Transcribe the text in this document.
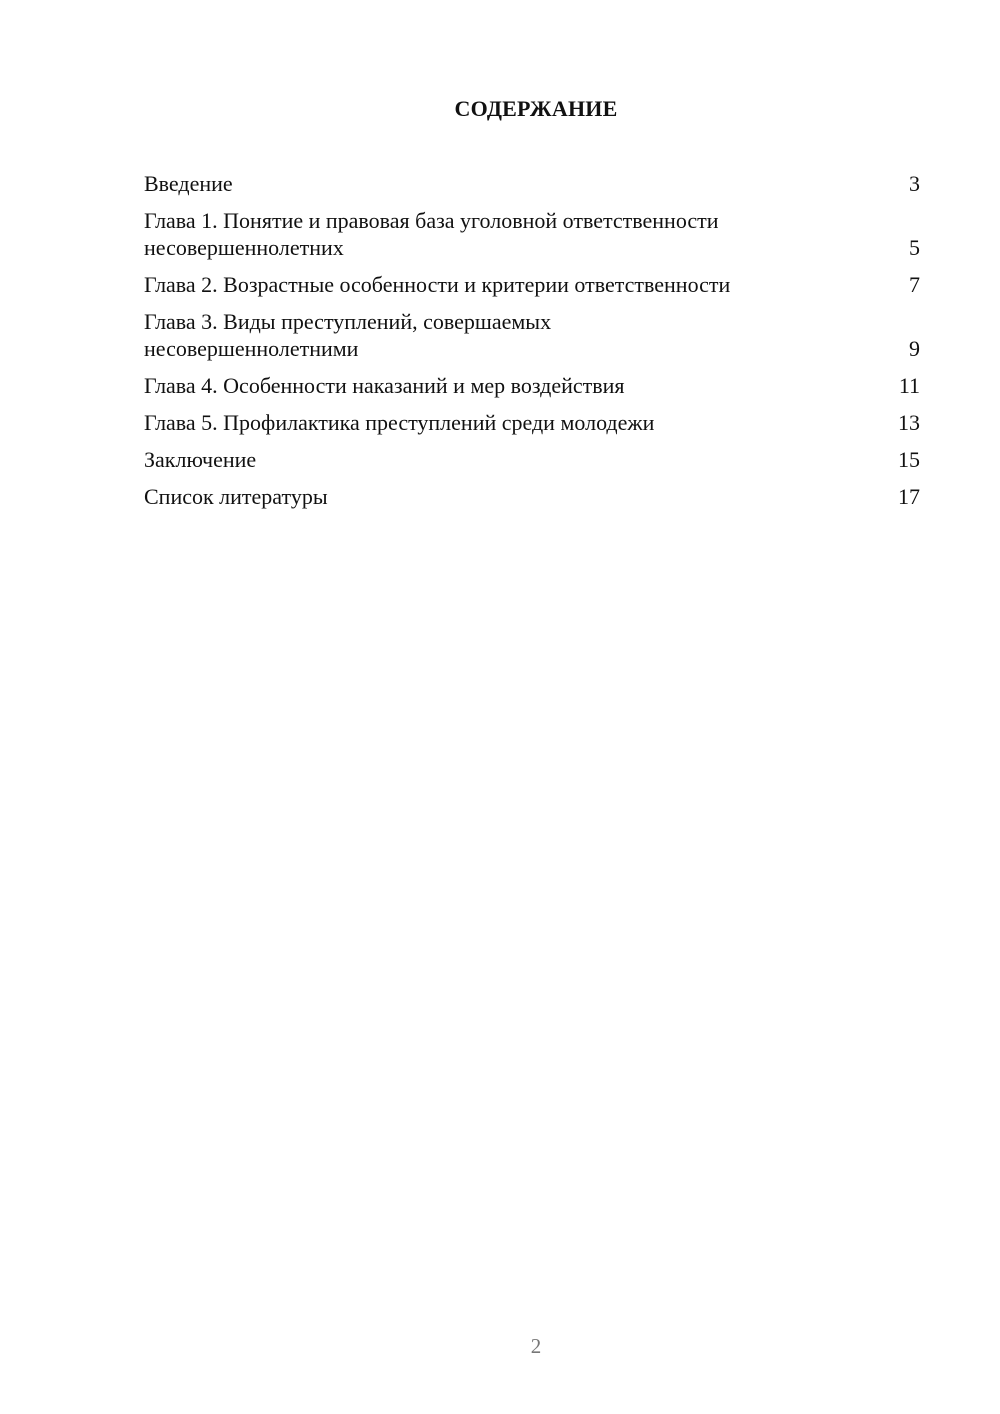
СОДЕРЖАНИЕ
Введение	3
Глава 1. Понятие и правовая база уголовной ответственности несовершеннолетних	5
Глава 2. Возрастные особенности и критерии ответственности	7
Глава 3. Виды преступлений, совершаемых несовершеннолетними	9
Глава 4. Особенности наказаний и мер воздействия	11
Глава 5. Профилактика преступлений среди молодежи	13
Заключение	15
Список литературы	17
2
